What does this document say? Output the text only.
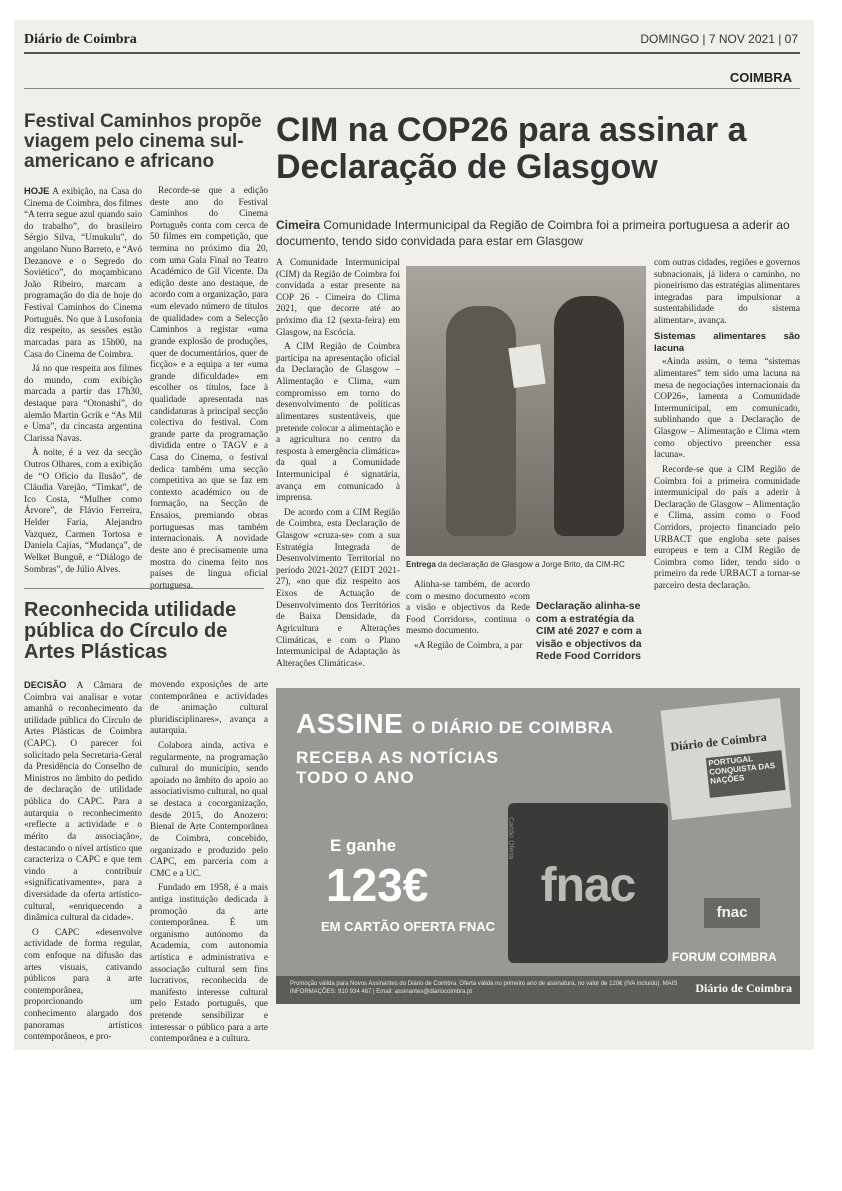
Diário de Coimbra	DOMINGO | 7 NOV 2021 | 07
COIMBRA
Festival Caminhos propõe viagem pelo cinema sul-americano e africano

HOJE A exibição, na Casa do Cinema de Coimbra, dos filmes “A terra segue azul quando saio do trabalho”, do brasileiro Sérgio Silva, “Umukulu”, do angolano Nuno Barreto, e “Avó Dezanove e o Segredo do Soviético”, do moçambicano João Ribeiro, marcam a programação do dia de hoje do Festival Caminhos do Cinema Português. No que à Lusofonia diz respeito, as sessões estão marcadas para as 15h00, na Casa do Cinema de Coimbra.

Já no que respeita aos filmes do mundo, com exibição marcada a partir das 17h30, destaque para “Otonashi”, do alemão Martin Gcrik e “As Mil e Uma”, da cincasta argentina Clarissa Navas.

À noite, é a vez da secção Outros Olhares, com a exibição de “O Ofício da Ilusão”, de Cláudia Varejão, “Timkat”, de Ico Costa, “Mulher como Árvore”, de Flávio Ferreira, Helder Faria, Alejandro Vazquez, Carmen Tortosa e Daniela Cajías, “Mudança”, de Welket Bunguê, e “Diálogo de Sombras”, de Júlio Alves.

Recorde-se que a edição deste ano do Festival Caminhos do Cinema Português conta com cerca de 50 filmes em competição, que termina no próximo dia 20, com uma Gala Final no Teatro Académico de Gil Vicente. Da edição deste ano destaque, de acordo com a organização, para «um elevado número de títulos de qualidade» com a Selecção Caminhos a registar «uma grande explosão de produções, quer de documentários, quer de ficção» e a equipa a ter «uma grande dificuldade» em escolher os títulos, face à qualidade apresentada nas candidaturas à principal secção colectiva do festival. Com grande parte da programação dividida entre o TAGV e a Casa do Cinema, o festival dedica também uma secção competitiva ao que se faz em contexto académico ou de formação, na Secção de Ensaios, premiando obras portuguesas mas também internacionais. A novidade deste ano é precisamente uma mostra do cinema feito nos países de língua oficial portuguesa.

Reconhecida utilidade pública do Círculo de Artes Plásticas

DECISÃO A Câmara de Coimbra vai analisar e votar amanhã o reconhecimento da utilidade pública do Círculo de Artes Plásticas de Coimbra (CAPC). O parecer foi solicitado pela Secretaria-Geral da Presidência do Conselho de Ministros no âmbito do pedido de declaração de utilidade pública do CAPC. Para a autarquia o reconhecimento «reflecte a actividade e o mérito da associação», destacando o nível artístico que caracteriza o CAPC e que tem vindo a contribuir «significativamente», para a diversidade da oferta artístico-cultural, «enriquecendo a dinâmica cultural da cidade».

O CAPC «desenvolve actividade de forma regular, com enfoque na difusão das artes visuais, cativando públicos para a arte contemporânea, proporcionando um conhecimento alargado dos panoramas artísticos contemporâneos, e pro-

movendo exposições de arte contemporânea e actividades de animação cultural pluridisciplinares», avança a autarquia.

Colabora ainda, activa e regularmente, na programação cultural do município, sendo apoiado no âmbito do apoio ao associativismo cultural, no qual se destaca a cocorganização, desde 2015, do Anozero: Bienal de Arte Contemporânea de Coimbra, concebido, organizado e produzido pelo CAPC, em parceria com a CMC e a UC.

Fundado em 1958, é a mais antiga instituição dedicada à promoção da arte contemporânea. É um organismo autónomo da Academia, com autonomia artística e administrativa e associação cultural sem fins lucrativos, reconhecida de manifesto interesse cultural pelo Estado português, que pretende sensibilizar e interessar o público para a arte contemporânea e a cultura.

CIM na COP26 para assinar a Declaração de Glasgow
Cimeira Comunidade Intermunicipal da Região de Coimbra foi a primeira portuguesa a aderir ao documento, tendo sido convidada para estar em Glasgow

A Comunidade Intermunicipal (CIM) da Região de Coimbra foi convidada a estar presente na COP 26 - Cimeira do Clima 2021, que decorre até ao próximo dia 12 (sexta-feira) em Glasgow, na Escócia.

A CIM Região de Coimbra participa na apresentação oficial da Declaração de Glasgow – Alimentação e Clima, «um compromisso em torno do desenvolvimento de políticas alimentares sustentáveis, que pretende colocar a alimentação e a agricultura no centro da resposta à emergência climática» da qual a Comunidade Intermunicipal é signatária, avança em comunicado à imprensa.

De acordo com a CIM Região de Coimbra, esta Declaração de Glasgow «cruza-se» com a sua Estratégia Integrada de Desenvolvimento Territorial no período 2021-2027 (EIDT 2021-27), «no que diz respeito aos Eixos de Actuação de Desenvolvimento dos Territórios de Baixa Densidade, da Agricultura e Alterações Climáticas, e com o Plano Intermunicipal de Adaptação às Alterações Climáticas».

Entrega da declaração de Glasgow a Jorge Brito, da CIM-RC

Alinha-se também, de acordo com o mesmo documento «com a visão e objectivos da Rede Food Corridors», continua o mesmo documento.

«A Região de Coimbra, a par

Declaração alinha-se com a estratégia da CIM até 2027 e com a visão e objectivos da Rede Food Corridors

com outras cidades, regiões e governos subnacionais, já lidera o caminho, no pioneirismo das estratégias alimentares integradas para impulsionar a sustentabilidade do sistema alimentar», avança.

Sistemas alimentares são lacuna

«Ainda assim, o tema “sistemas alimentares” tem sido uma lacuna na mesa de negociações internacionais da COP26», lamenta a Comunidade Intermunicipal, em comunicado, sublinhando que a Declaração de Glasgow – Alimentação e Clima «tem como objectivo preencher essa lacuna».

Recorde-se que a CIM Região de Coimbra foi a primeira comunidade intermunicipal do país a aderir à Declaração de Glasgow – Alimentação e Clima, assim como o Food Corridors, projecto financiado pelo URBACT que engloba sete países europeus e tem a CIM Região de Coimbra como líder, tendo sido o primeiro da rede URBACT a tornar-se parceiro desta declaração.

ASSINE O DIÁRIO DE COIMBRA
RECEBA AS NOTÍCIAS TODO O ANO
Diário de Coimbra
PORTUGAL CONQUISTA DAS NAÇÕES
E ganhe
123€
EM CARTÃO OFERTA FNAC
Cartão Oferta
fnac
fnac
FORUM COIMBRA
Promoção válida para Novos Assinantes do Diário de Coimbra. Oferta válida no primeiro ano de assinatura, no valor de 120€ (IVA incluído). MAIS INFORMAÇÕES: 910 934 467 | Email: assinantes@diariocoimbra.pt	Diário de Coimbra
